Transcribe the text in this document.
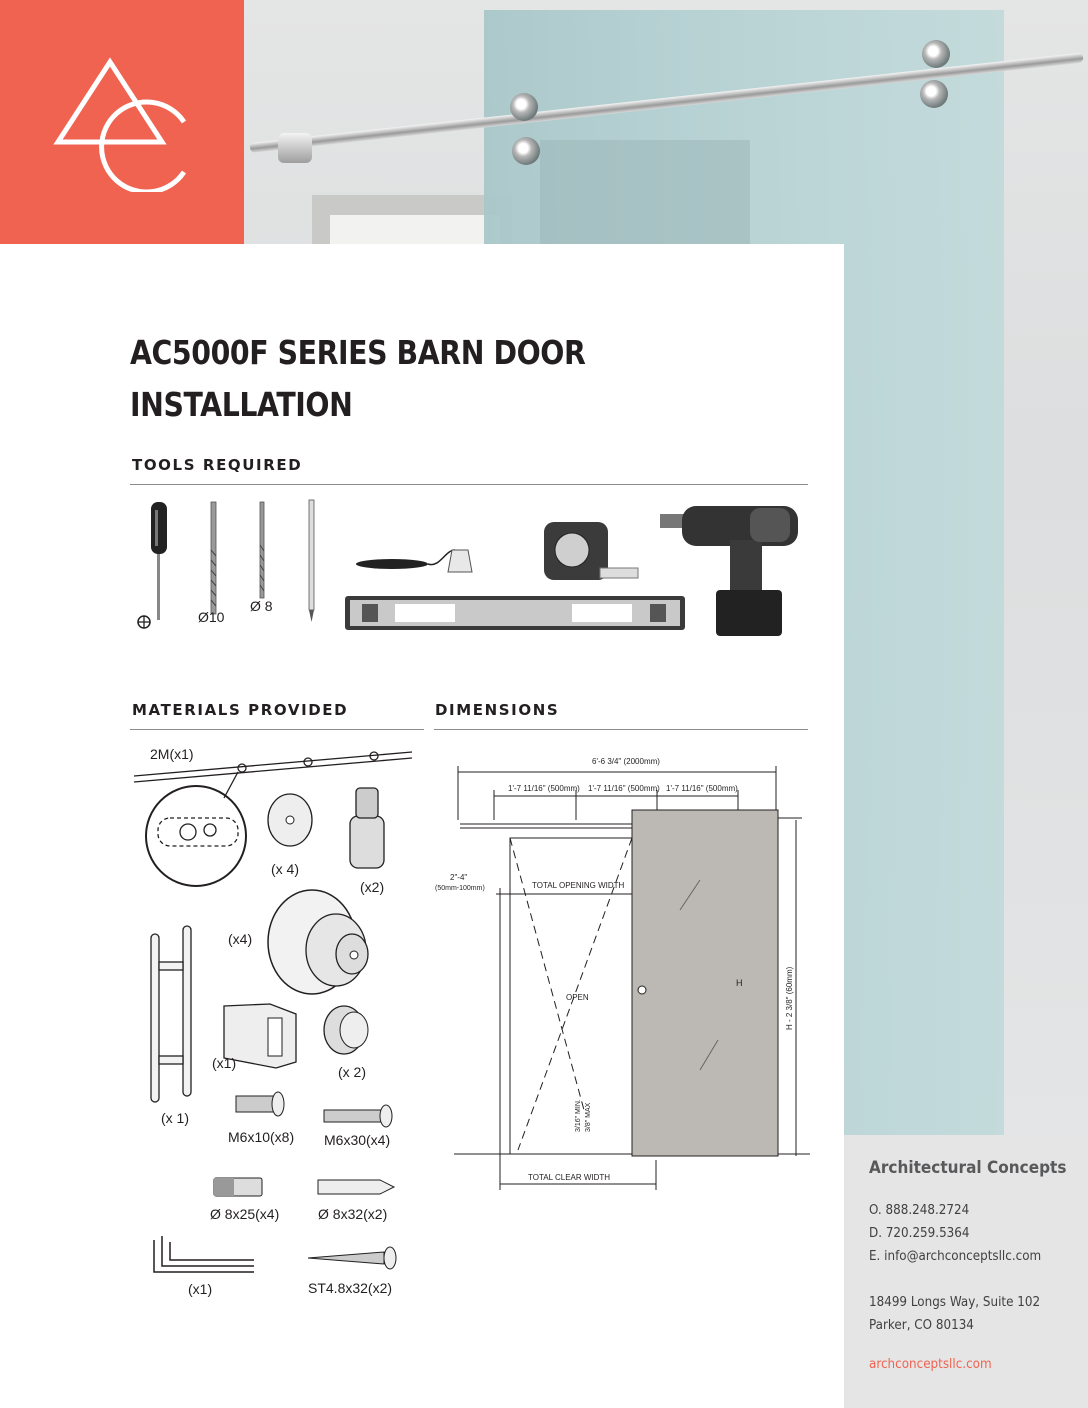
AC5000F SERIES BARN DOOR
INSTALLATION
TOOLS REQUIRED
Ø10
Ø 8
MATERIALS PROVIDED
2M(x1)
(x 4)
(x2)
(x4)
(x 1)
(x1)
(x 2)
M6x10(x8) M6x30(x4)
Ø 8x25(x4)	Ø 8x32(x2)
(x1)	ST4.8x32(x2)
DIMENSIONS
6'-6 3/4" (2000mm)
1'-7 11/16" (500mm) 1'-7 11/16" (500mm) 1'-7 11/16" (500mm)
2"-4"
(50mm-100mm)	TOTAL OPENING WIDTH
OPEN
H	H - 2 3/8" (60mm)
3/16" MIN. 3/8" MAX
TOTAL CLEAR WIDTH	Architectural Concepts
O. 888.248.2724
D. 720.259.5364
E. info@archconceptsllc.com
18499 Longs Way, Suite 102
Parker, CO 80134
archconceptsllc.com
